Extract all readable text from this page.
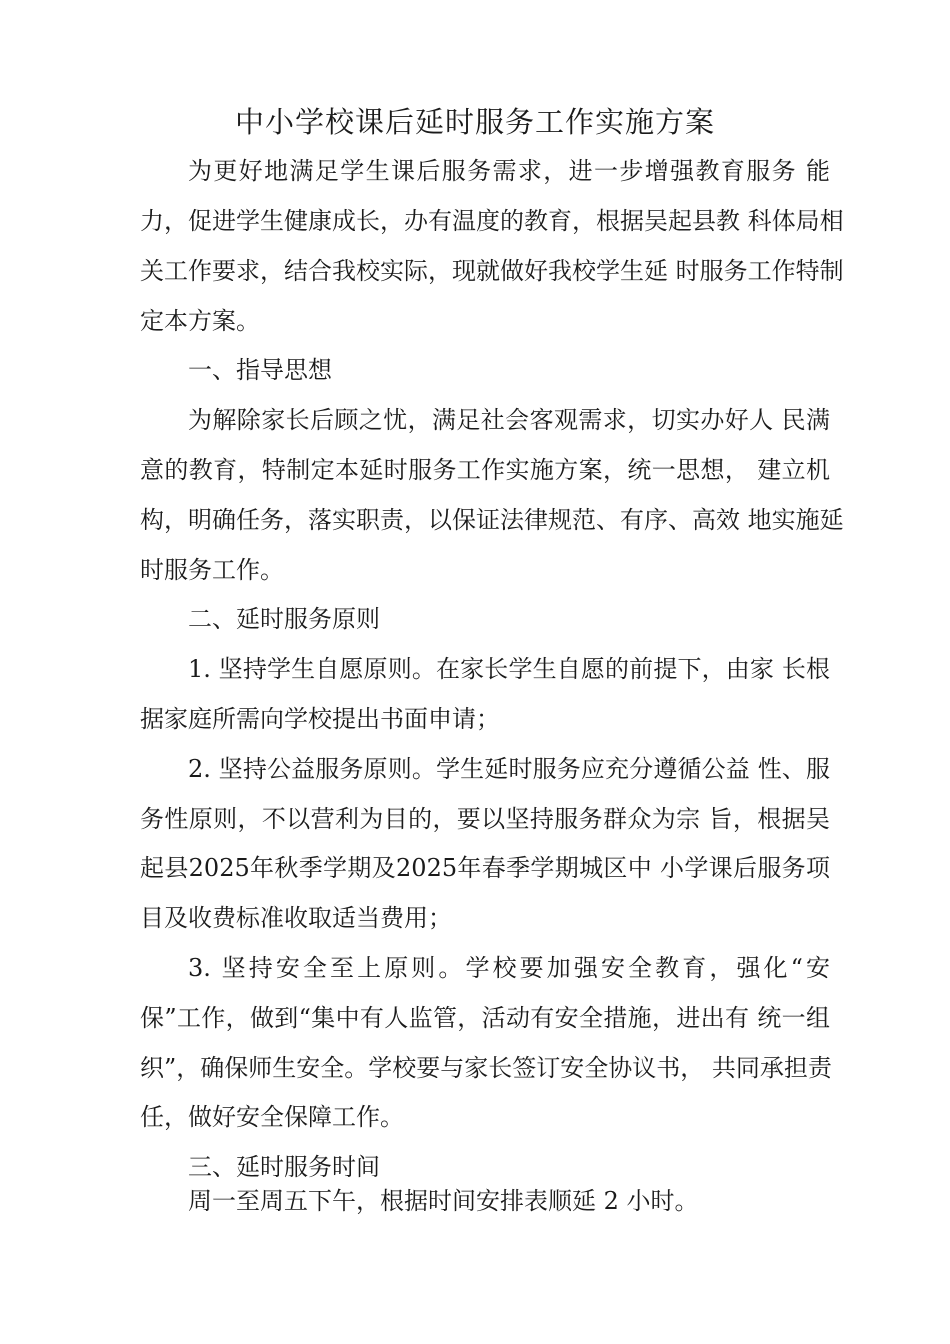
中小学校课后延时服务工作实施方案

为更好地满足学生课后服务需求，进一步增强教育服务 能

力，促进学生健康成长，办有温度的教育，根据吴起县教 科体局相

关工作要求，结合我校实际，现就做好我校学生延 时服务工作特制

定本方案。

一、指导思想

为解除家长后顾之忧，满足社会客观需求，切实办好人 民满

意的教育，特制定本延时服务工作实施方案，统一思想， 建立机

构，明确任务，落实职责，以保证法律规范、有序、高效 地实施延

时服务工作。

二、延时服务原则

1. 坚持学生自愿原则。在家长学生自愿的前提下，由家 长根

据家庭所需向学校提出书面申请；

2. 坚持公益服务原则。学生延时服务应充分遵循公益 性、服

务性原则，不以营利为目的，要以坚持服务群众为宗 旨，根据吴

起县2025年秋季学期及2025年春季学期城区中 小学课后服务项

目及收费标准收取适当费用；

3. 坚持安全至上原则。学校要加强安全教育，强化“安

保”工作，做到“集中有人监管，活动有安全措施，进出有 统一组

织”，确保师生安全。学校要与家长签订安全协议书， 共同承担责

任，做好安全保障工作。

三、延时服务时间

周一至周五下午，根据时间安排表顺延 2 小时。
